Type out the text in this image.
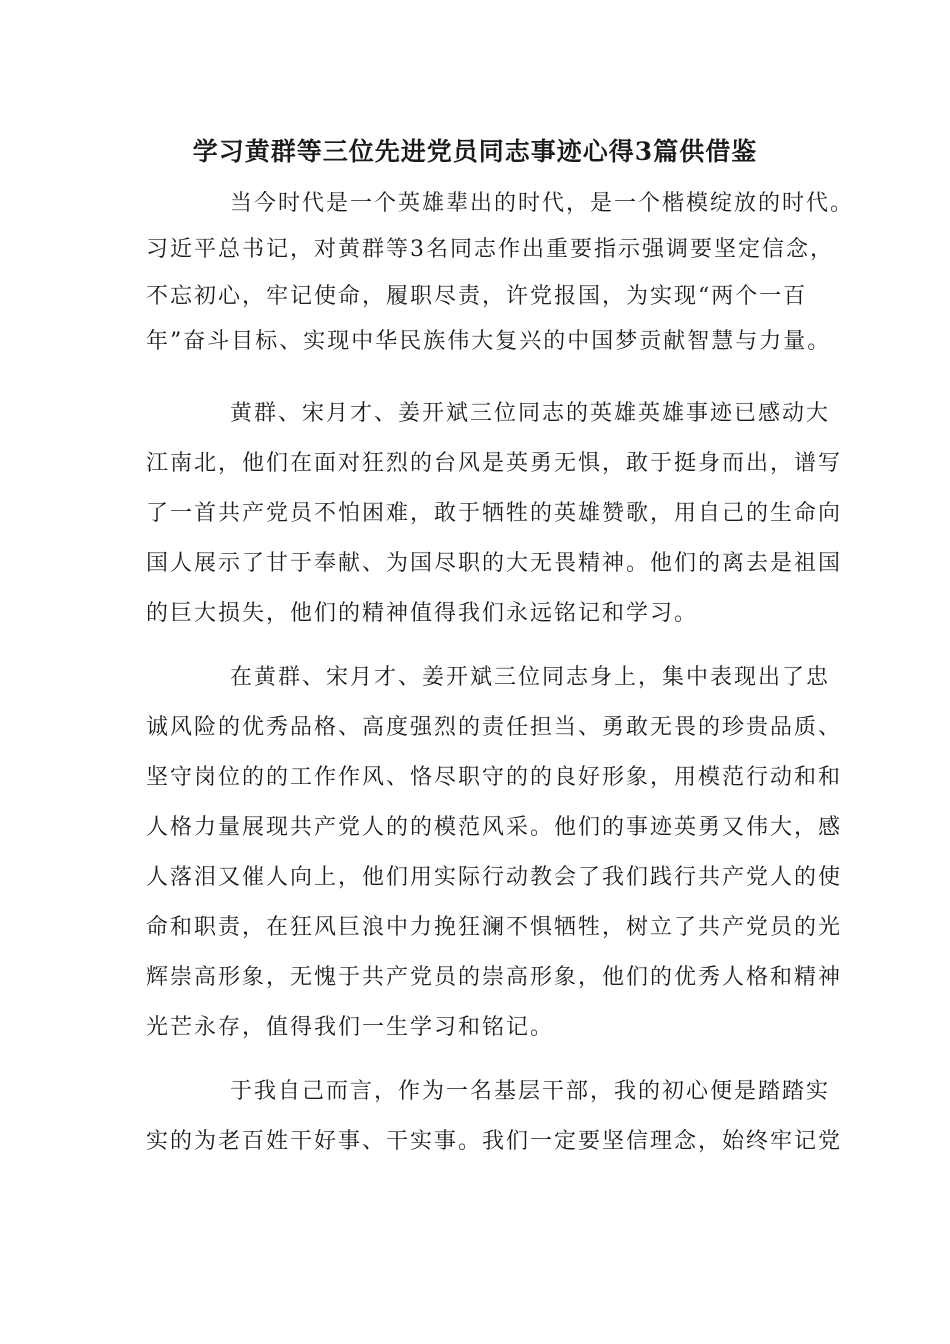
学习黄群等三位先进党员同志事迹心得3篇供借鉴
当今时代是一个英雄辈出的时代，是一个楷模绽放的时代。
习近平总书记，对黄群等3名同志作出重要指示强调要坚定信念，
不忘初心，牢记使命，履职尽责，许党报国，为实现“两个一百
年”奋斗目标、实现中华民族伟大复兴的中国梦贡献智慧与力量。
黄群、宋月才、姜开斌三位同志的英雄英雄事迹已感动大
江南北，他们在面对狂烈的台风是英勇无惧，敢于挺身而出，谱写
了一首共产党员不怕困难，敢于牺牲的英雄赞歌，用自己的生命向
国人展示了甘于奉献、为国尽职的大无畏精神。他们的离去是祖国
的巨大损失，他们的精神值得我们永远铭记和学习。
在黄群、宋月才、姜开斌三位同志身上，集中表现出了忠
诚风险的优秀品格、高度强烈的责任担当、勇敢无畏的珍贵品质、
坚守岗位的的工作作风、恪尽职守的的良好形象，用模范行动和和
人格力量展现共产党人的的模范风采。他们的事迹英勇又伟大，感
人落泪又催人向上，他们用实际行动教会了我们践行共产党人的使
命和职责，在狂风巨浪中力挽狂澜不惧牺牲，树立了共产党员的光
辉崇高形象，无愧于共产党员的崇高形象，他们的优秀人格和精神
光芒永存，值得我们一生学习和铭记。
于我自己而言，作为一名基层干部，我的初心便是踏踏实
实的为老百姓干好事、干实事。我们一定要坚信理念，始终牢记党
